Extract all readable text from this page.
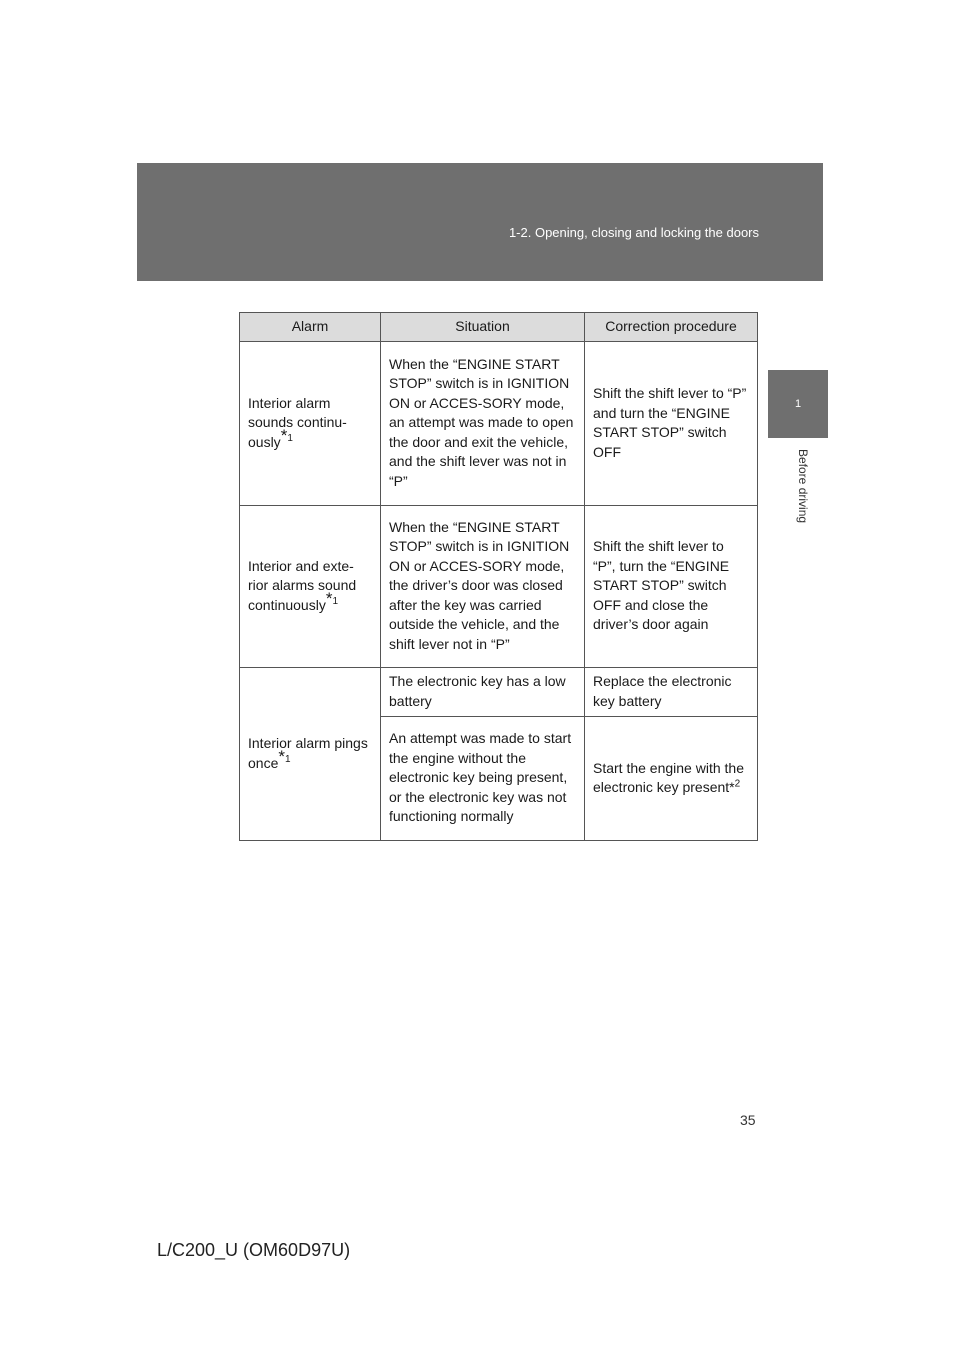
1-2. Opening, closing and locking the doors
1
Before driving
Alarm	Situation	Correction procedure
Interior alarm sounds continu-ously$^{*1}$	When the “ENGINE START STOP” switch is in IGNITION ON or ACCES-SORY mode, an attempt was made to open the door and exit the vehicle, and the shift lever was not in “P”	Shift the shift lever to “P” and turn the “ENGINE START STOP” switch OFF
Interior and exte-rior alarms sound continuously$^{*1}$	When the “ENGINE START STOP” switch is in IGNITION ON or ACCES-SORY mode, the driver’s door was closed after the key was carried outside the vehicle, and the shift lever not in “P”	Shift the shift lever to “P”, turn the “ENGINE START STOP” switch OFF and close the driver’s door again
Interior alarm pings once$^{*1}$	The electronic key has a low battery	Replace the electronic key battery
	An attempt was made to start the engine without the electronic key being present, or the electronic key was not functioning normally	Start the engine with the electronic key present*$^2$
35
L/C200_U (OM60D97U)
